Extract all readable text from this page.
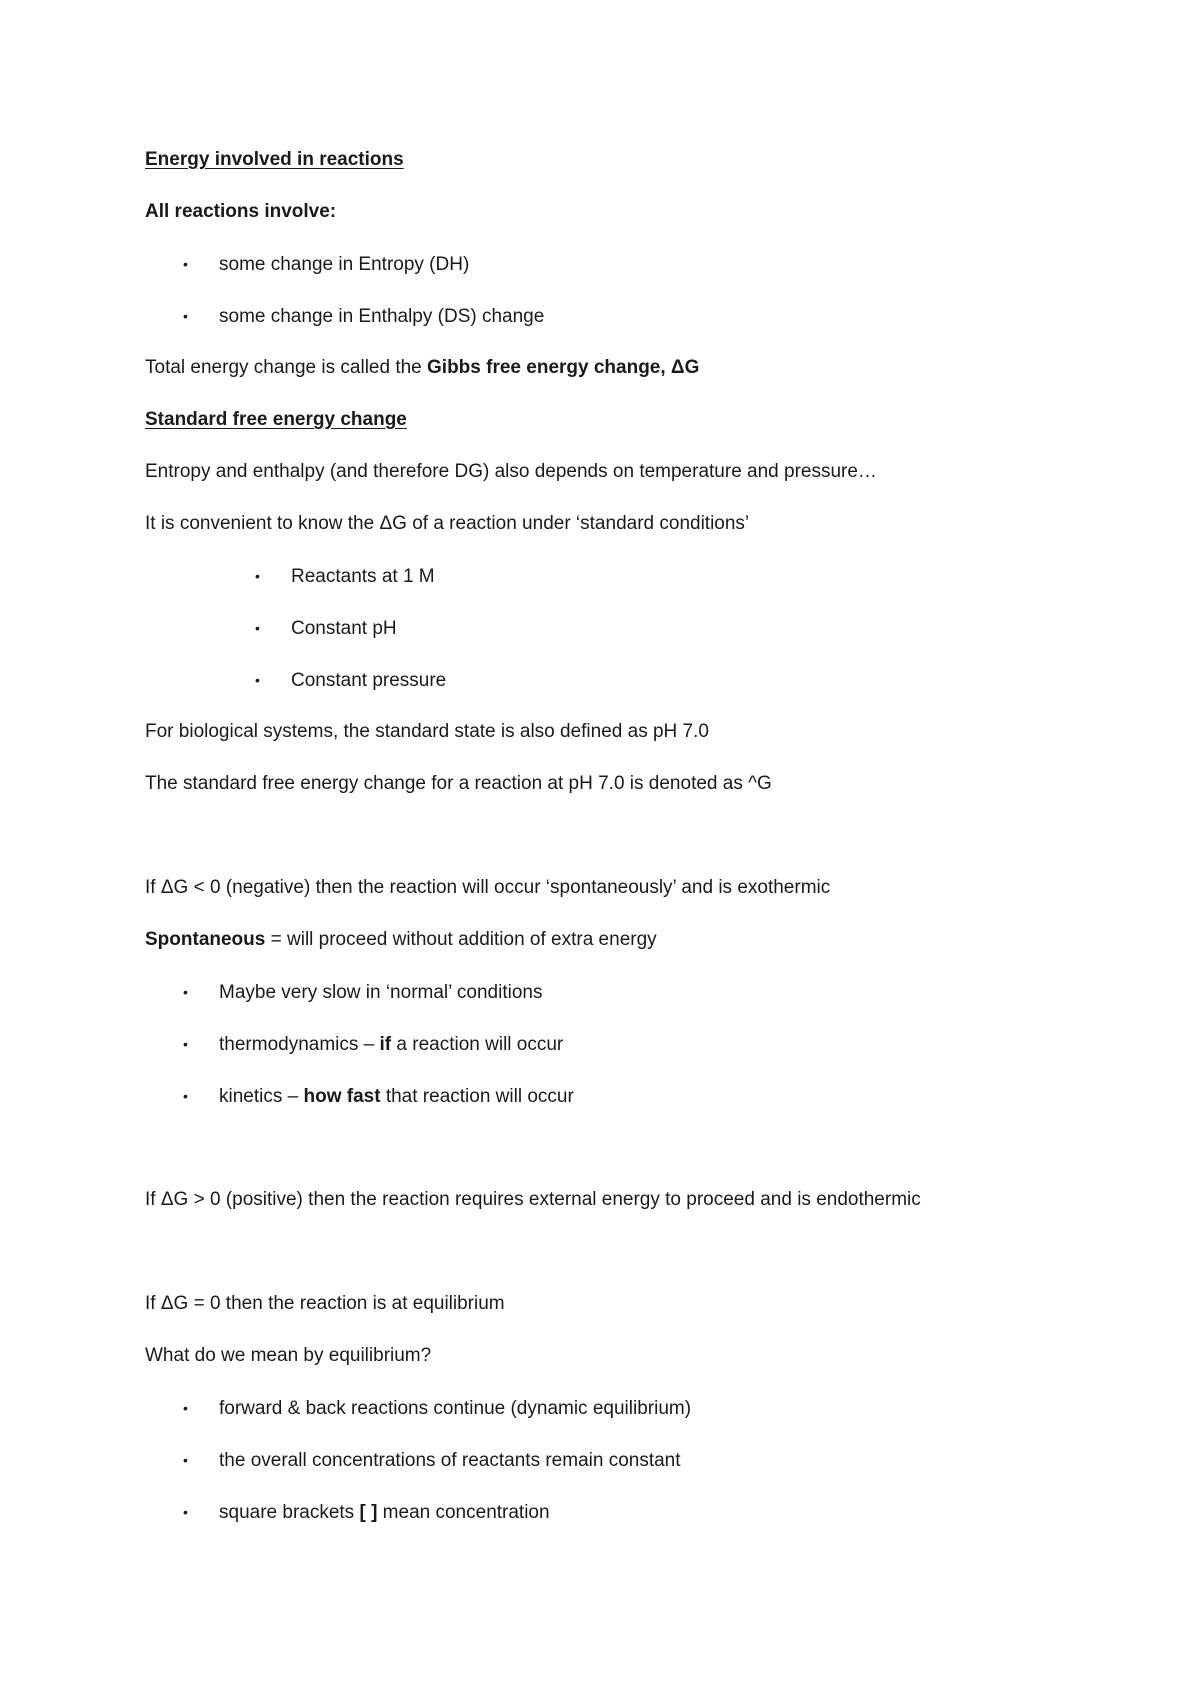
Energy involved in reactions
All reactions involve:
• some change in Entropy (DH)
• some change in Enthalpy (DS) change
Total energy change is called the Gibbs free energy change, ΔG
Standard free energy change
Entropy and enthalpy (and therefore DG) also depends on temperature and pressure…
It is convenient to know the ΔG of a reaction under ‘standard conditions’
• Reactants at 1 M
• Constant pH
• Constant pressure
For biological systems, the standard state is also defined as pH 7.0
The standard free energy change for a reaction at pH 7.0 is denoted as ^G
If ΔG < 0 (negative) then the reaction will occur ‘spontaneously’ and is exothermic
Spontaneous = will proceed without addition of extra energy
• Maybe very slow in ‘normal’ conditions
• thermodynamics – if a reaction will occur
• kinetics – how fast that reaction will occur
If ΔG > 0 (positive) then the reaction requires external energy to proceed and is endothermic
If ΔG = 0 then the reaction is at equilibrium
What do we mean by equilibrium?
• forward & back reactions continue (dynamic equilibrium)
• the overall concentrations of reactants remain constant
• square brackets [ ] mean concentration
